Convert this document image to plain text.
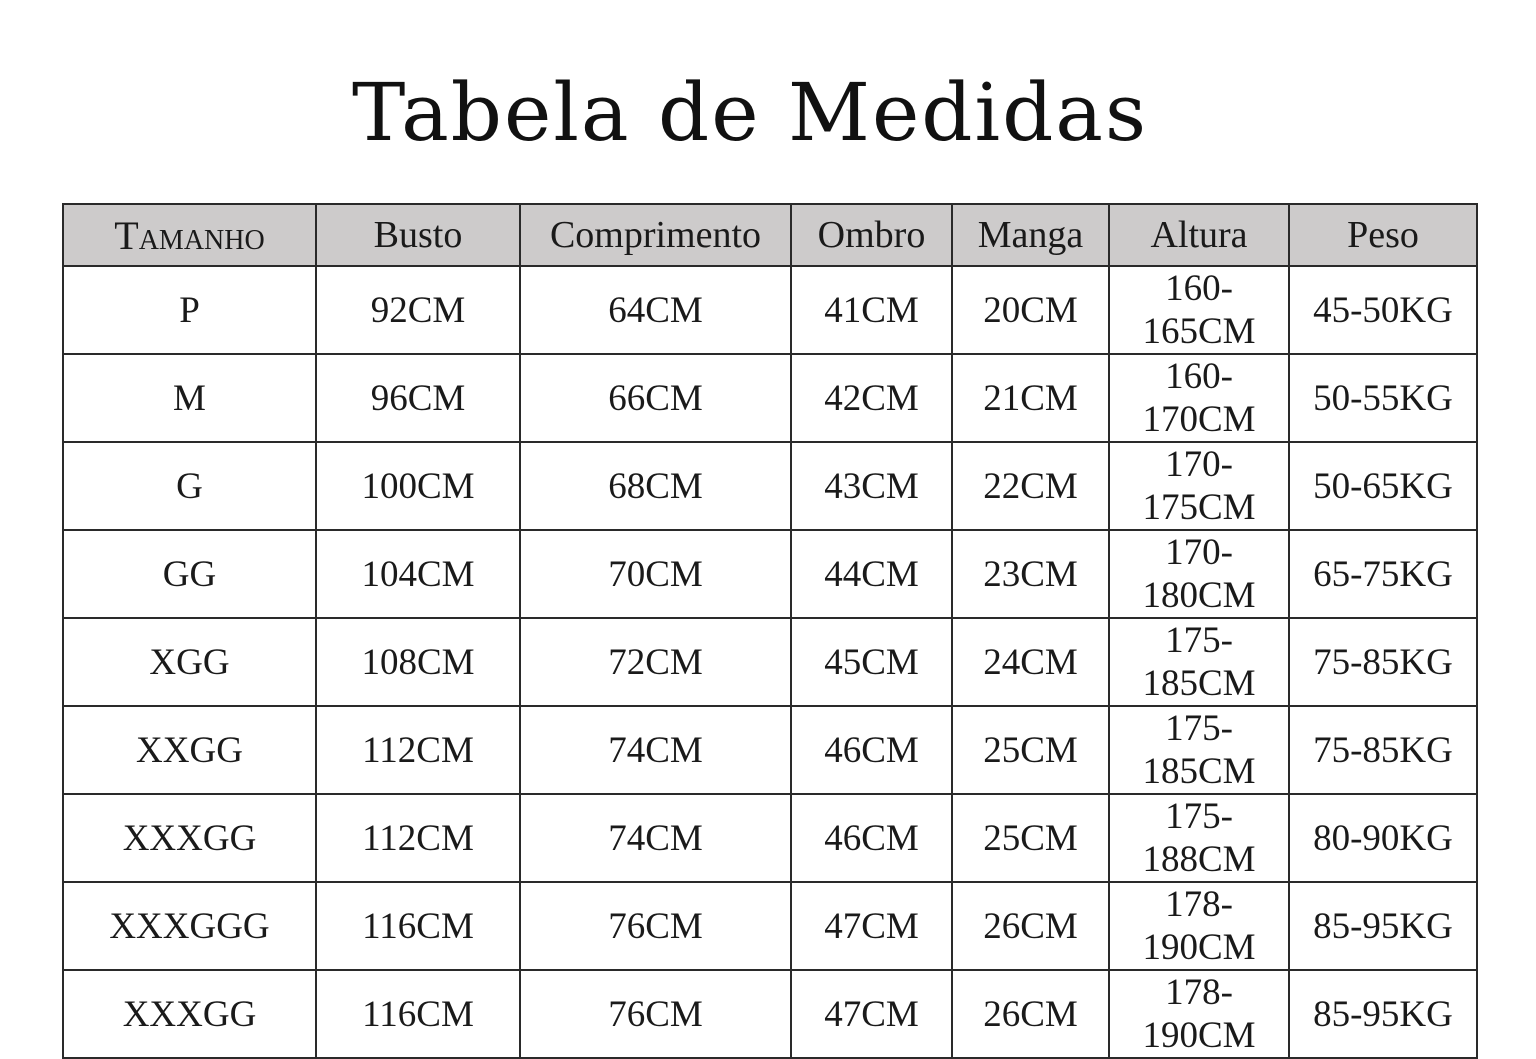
Tabela de Medidas
Tamanho	Busto	Comprimento	Ombro	Manga	Altura	Peso
P	92CM	64CM	41CM	20CM	160-165CM	45-50KG
M	96CM	66CM	42CM	21CM	160-170CM	50-55KG
G	100CM	68CM	43CM	22CM	170-175CM	50-65KG
GG	104CM	70CM	44CM	23CM	170-180CM	65-75KG
XGG	108CM	72CM	45CM	24CM	175-185CM	75-85KG
XXGG	112CM	74CM	46CM	25CM	175-185CM	75-85KG
XXXGG	112CM	74CM	46CM	25CM	175-188CM	80-90KG
XXXGGG	116CM	76CM	47CM	26CM	178-190CM	85-95KG
XXXGG	116CM	76CM	47CM	26CM	178-190CM	85-95KG
